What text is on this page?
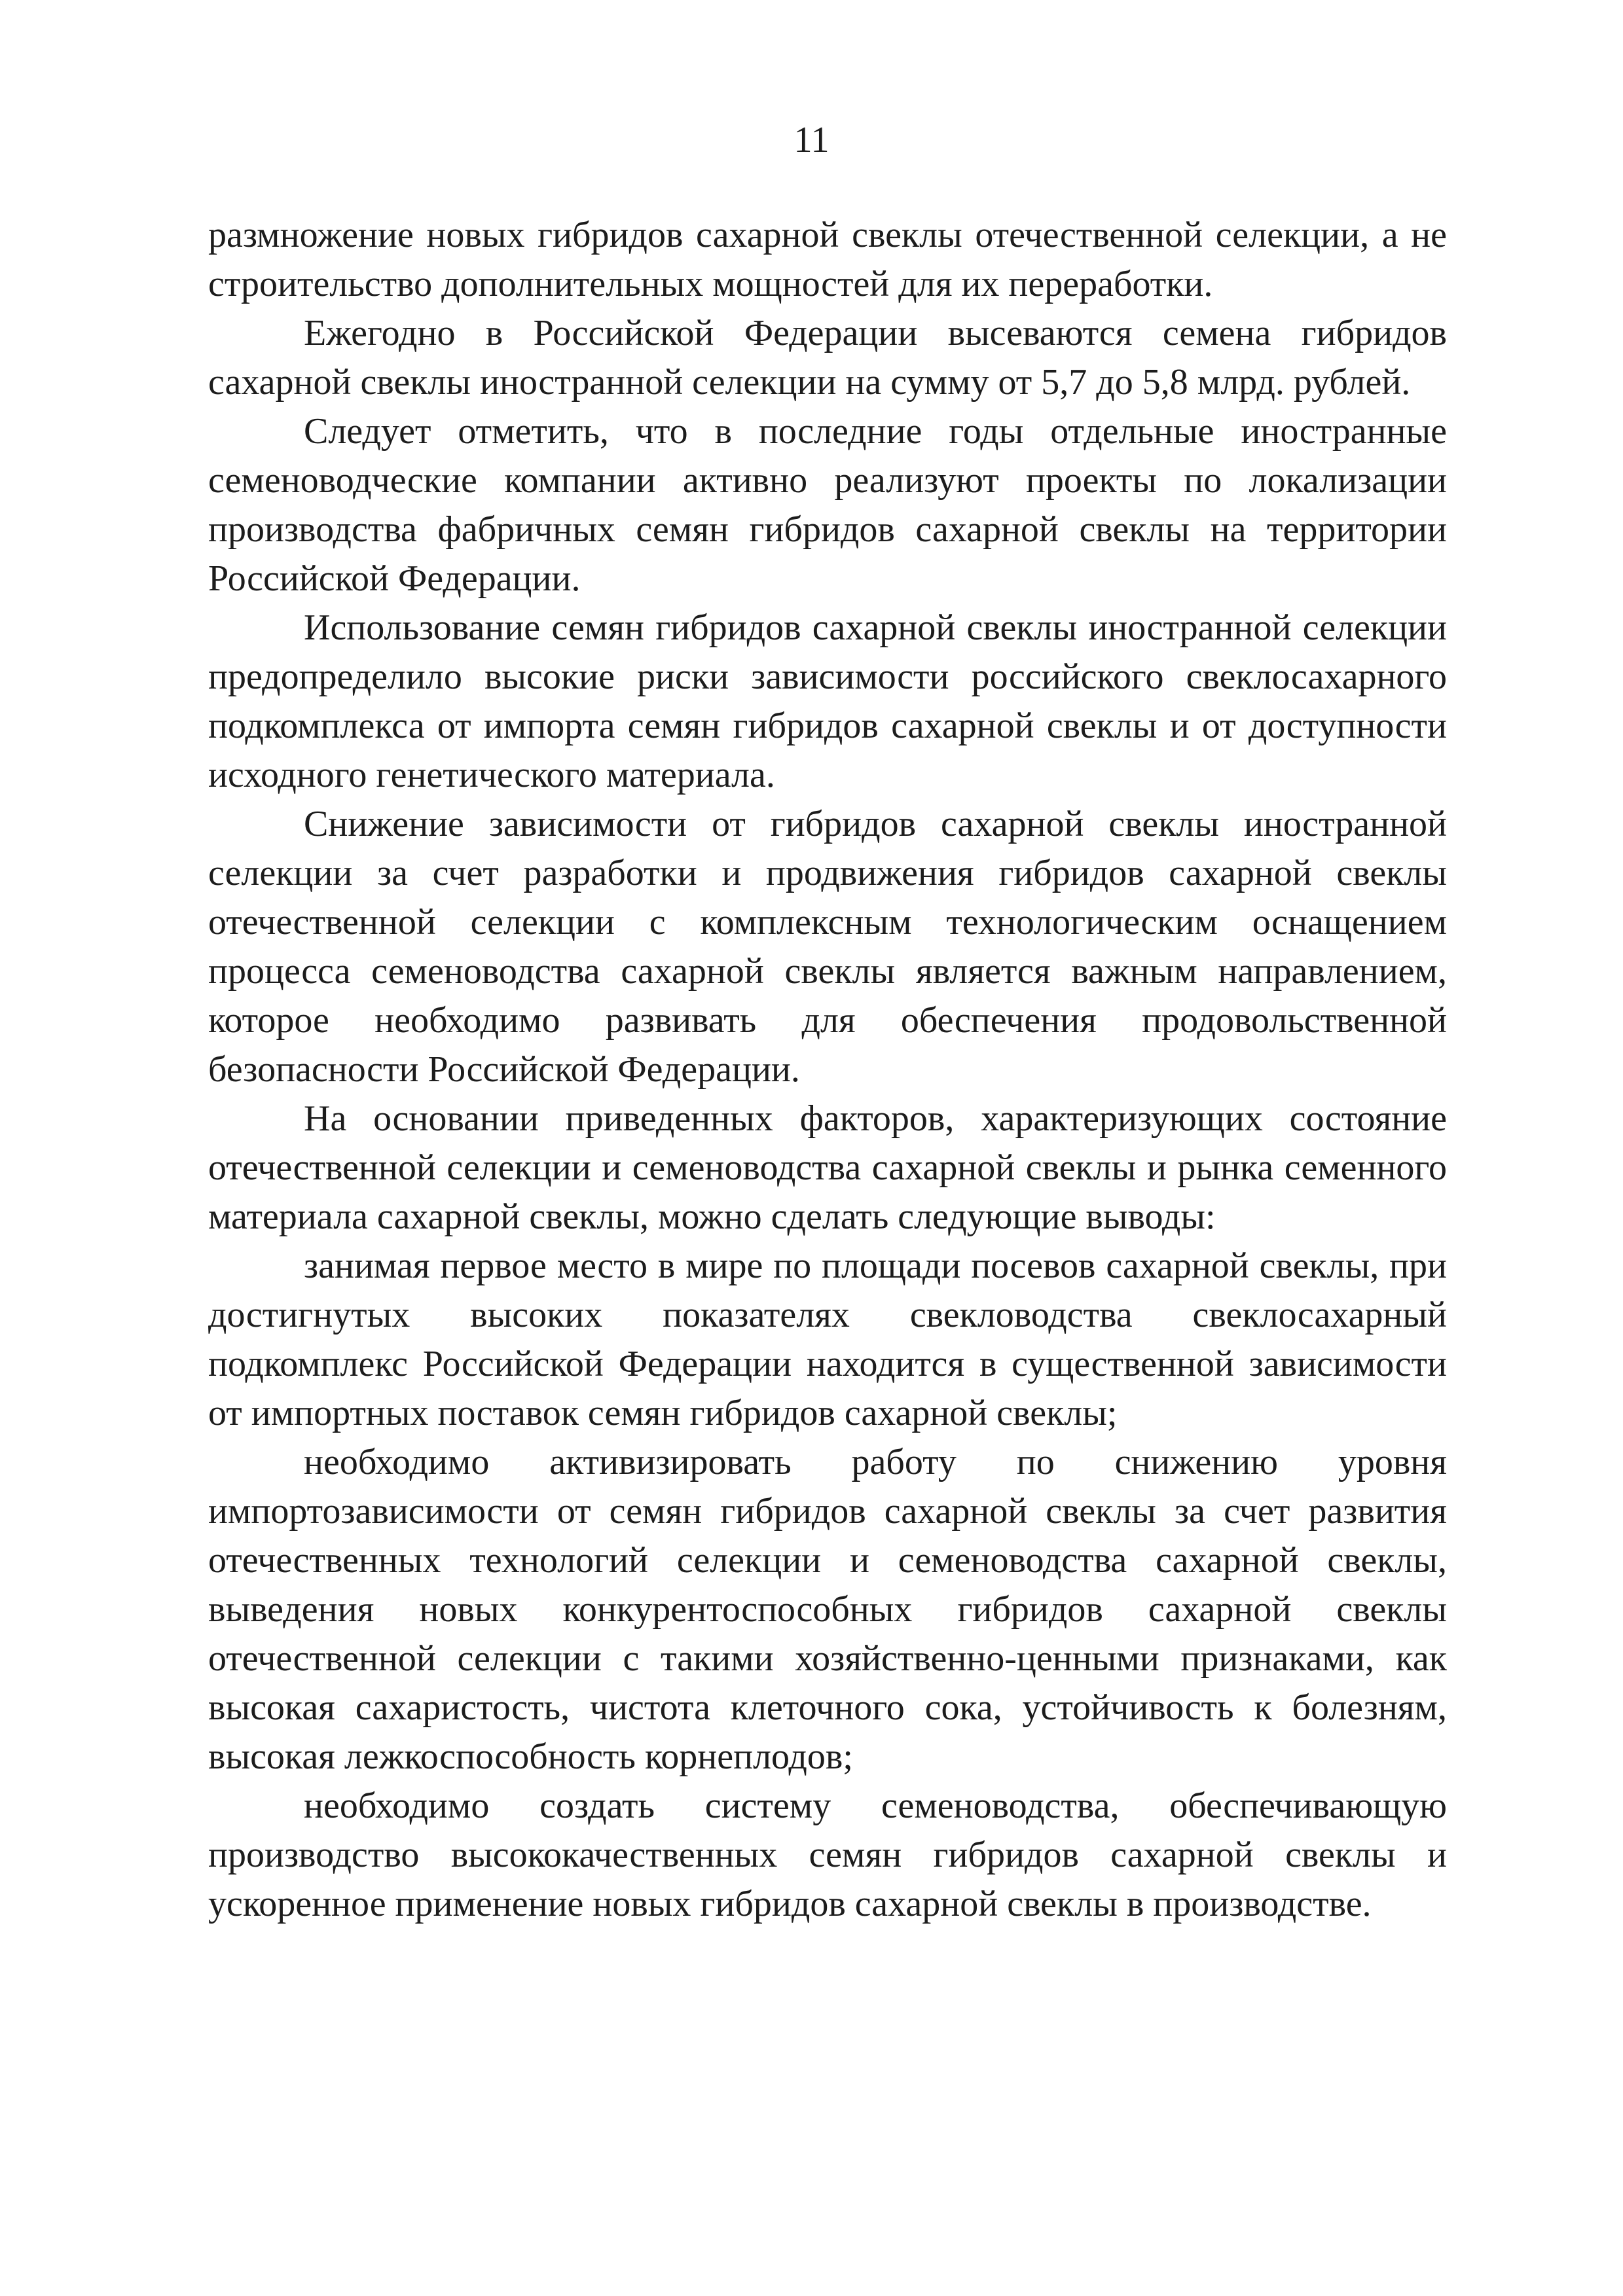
11

размножение новых гибридов сахарной свеклы отечественной селекции, а не строительство дополнительных мощностей для их переработки.

Ежегодно в Российской Федерации высеваются семена гибридов сахарной свеклы иностранной селекции на сумму от 5,7 до 5,8 млрд. рублей.

Следует отметить, что в последние годы отдельные иностранные семеноводческие компании активно реализуют проекты по локализации производства фабричных семян гибридов сахарной свеклы на территории Российской Федерации.

Использование семян гибридов сахарной свеклы иностранной селекции предопределило высокие риски зависимости российского свеклосахарного подкомплекса от импорта семян гибридов сахарной свеклы и от доступности исходного генетического материала.

Снижение зависимости от гибридов сахарной свеклы иностранной селекции за счет разработки и продвижения гибридов сахарной свеклы отечественной селекции с комплексным технологическим оснащением процесса семеноводства сахарной свеклы является важным направлением, которое необходимо развивать для обеспечения продовольственной безопасности Российской Федерации.

На основании приведенных факторов, характеризующих состояние отечественной селекции и семеноводства сахарной свеклы и рынка семенного материала сахарной свеклы, можно сделать следующие выводы:

занимая первое место в мире по площади посевов сахарной свеклы, при достигнутых высоких показателях свекловодства свеклосахарный подкомплекс Российской Федерации находится в существенной зависимости от импортных поставок семян гибридов сахарной свеклы;

необходимо активизировать работу по снижению уровня импортозависимости от семян гибридов сахарной свеклы за счет развития отечественных технологий селекции и семеноводства сахарной свеклы, выведения новых конкурентоспособных гибридов сахарной свеклы отечественной селекции с такими хозяйственно-ценными признаками, как высокая сахаристость, чистота клеточного сока, устойчивость к болезням, высокая лежкоспособность корнеплодов;

необходимо создать систему семеноводства, обеспечивающую производство высококачественных семян гибридов сахарной свеклы и ускоренное применение новых гибридов сахарной свеклы в производстве.
